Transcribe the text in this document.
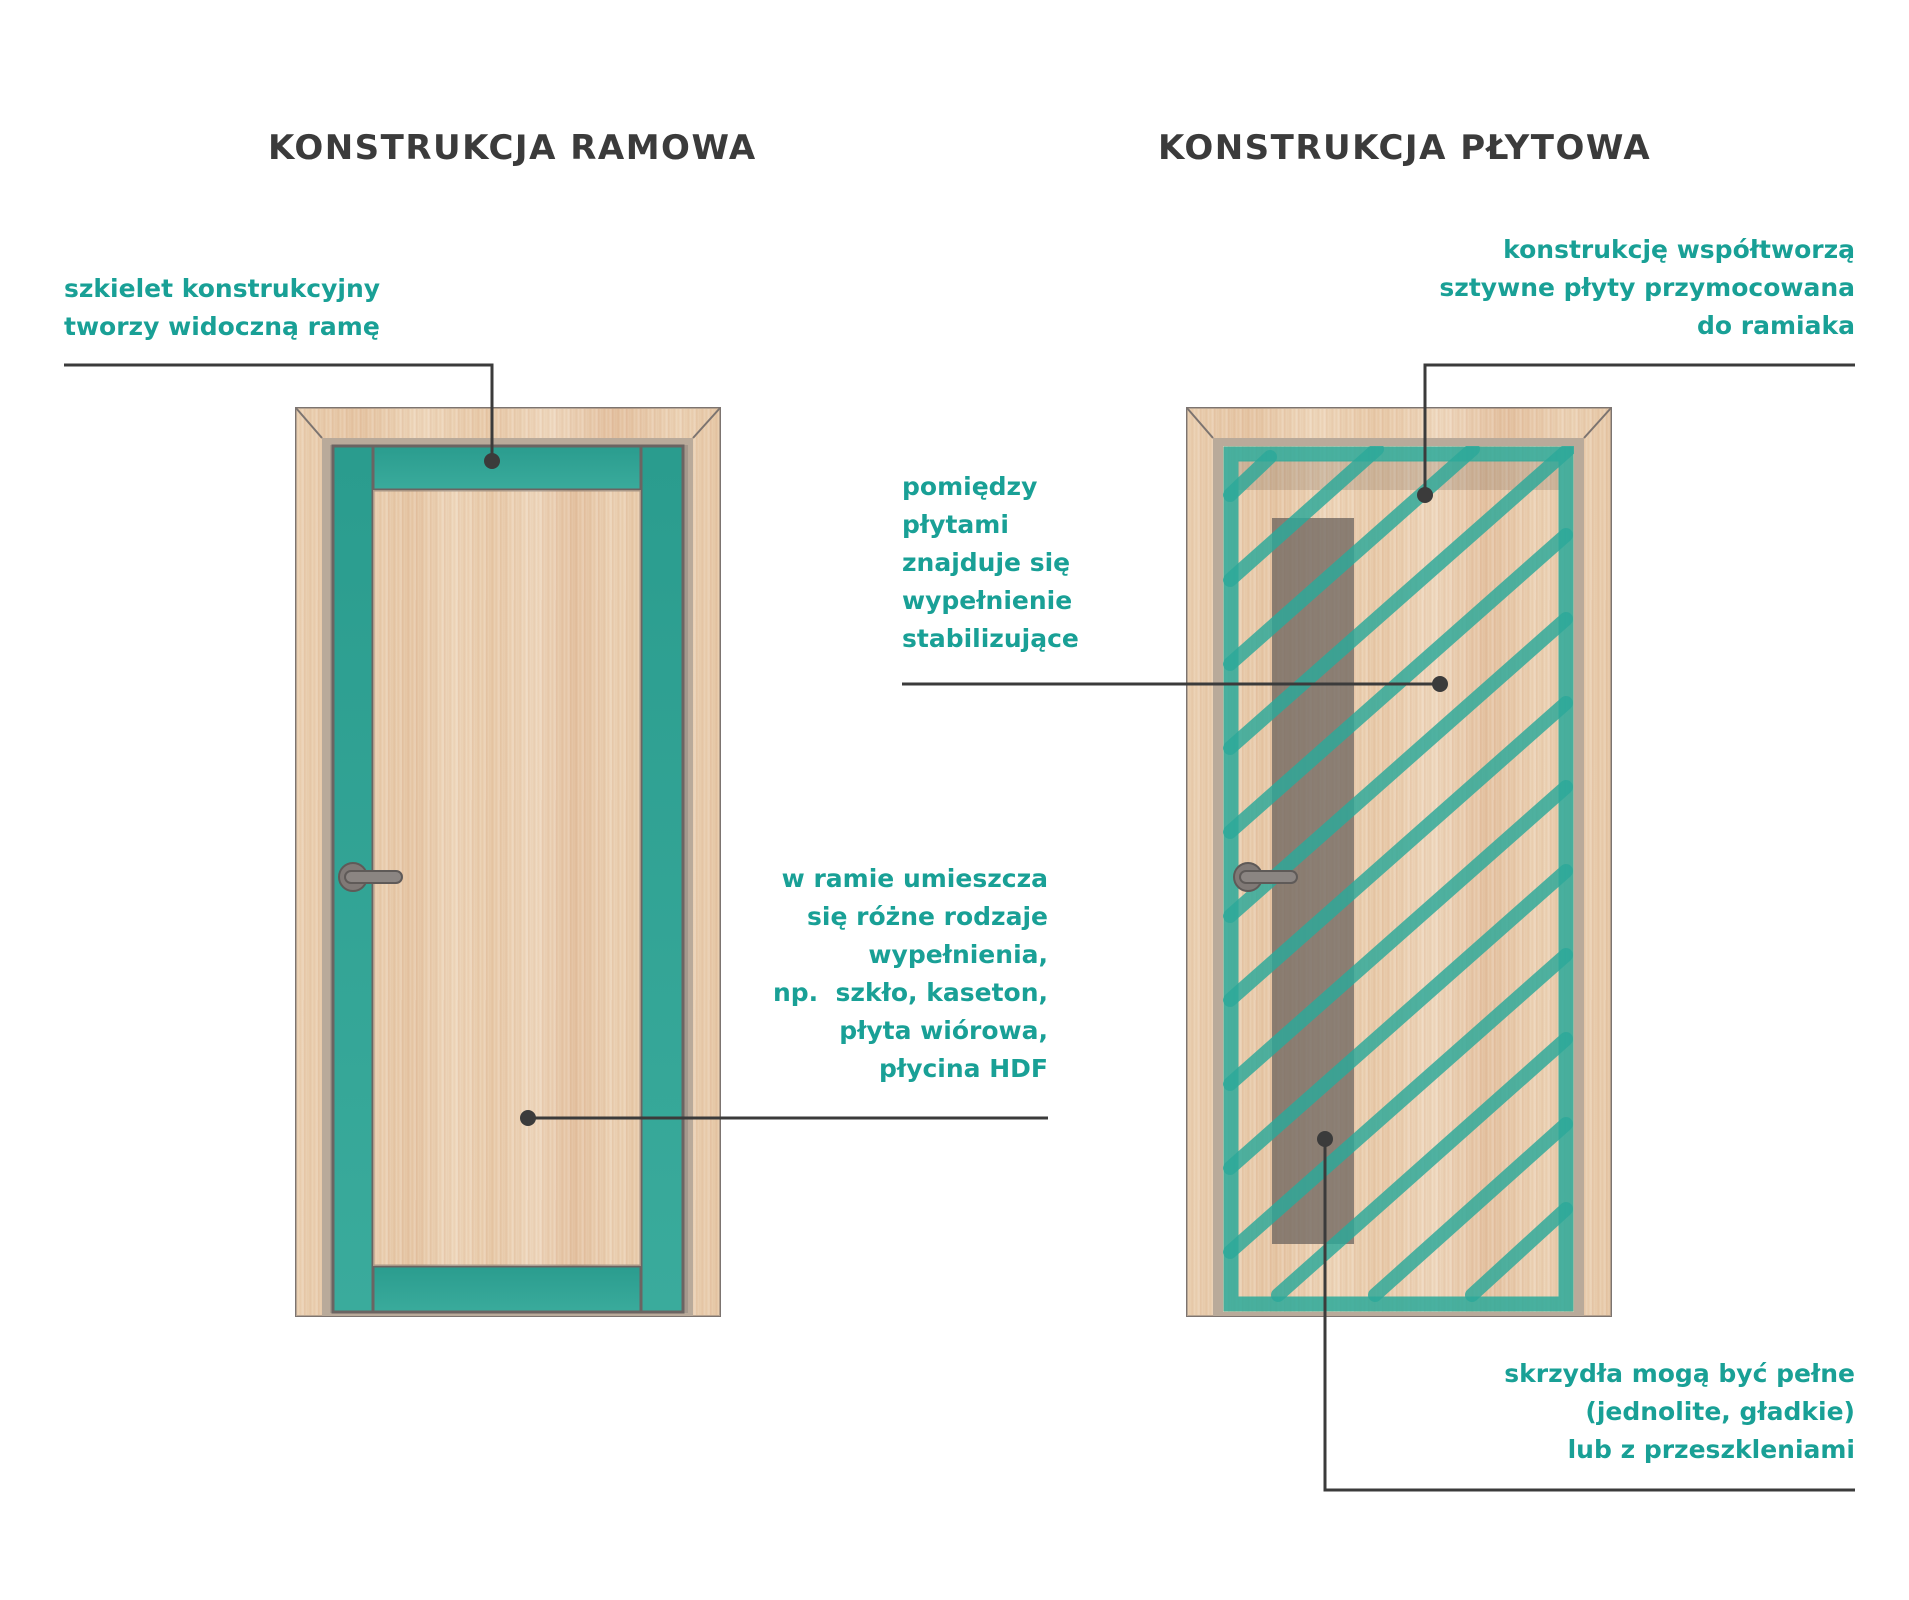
KONSTRUKCJA RAMOWA	KONSTRUKCJA PŁYTOWA
szkielet konstrukcyjny
tworzy widoczną ramę
w ramie umieszcza
się różne rodzaje
wypełnienia,
np.  szkło, kaseton,
płyta wiórowa,
płycina HDF
konstrukcję współtworzą
sztywne płyty przymocowana
do ramiaka
pomiędzy
płytami
znajduje się
wypełnienie
stabilizujące
skrzydła mogą być pełne
(jednolite, gładkie)
lub z przeszkleniami
